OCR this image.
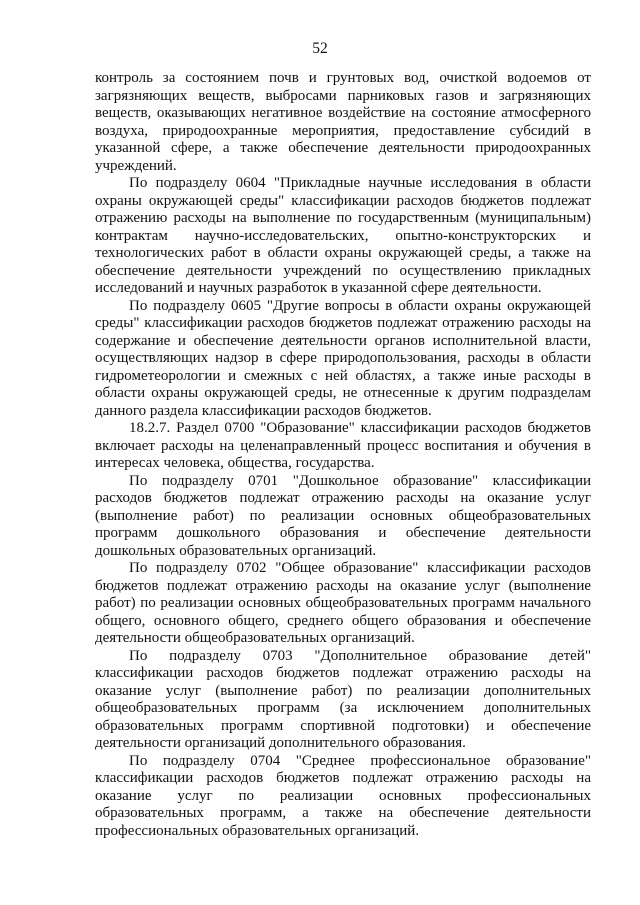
52

контроль за состоянием почв и грунтовых вод, очисткой водоемов от загрязняющих веществ, выбросами парниковых газов и загрязняющих веществ, оказывающих негативное воздействие на состояние атмосферного воздуха, природоохранные мероприятия, предоставление субсидий в указанной сфере, а также обеспечение деятельности природоохранных учреждений.

По подразделу 0604 "Прикладные научные исследования в области охраны окружающей среды" классификации расходов бюджетов подлежат отражению расходы на выполнение по государственным (муниципальным) контрактам научно-исследовательских, опытно-конструкторских и технологических работ в области охраны окружающей среды, а также на обеспечение деятельности учреждений по осуществлению прикладных исследований и научных разработок в указанной сфере деятельности.

По подразделу 0605 "Другие вопросы в области охраны окружающей среды" классификации расходов бюджетов подлежат отражению расходы на содержание и обеспечение деятельности органов исполнительной власти, осуществляющих надзор в сфере природопользования, расходы в области гидрометеорологии и смежных с ней областях, а также иные расходы в области охраны окружающей среды, не отнесенные к другим подразделам данного раздела классификации расходов бюджетов.

18.2.7. Раздел 0700 "Образование" классификации расходов бюджетов включает расходы на целенаправленный процесс воспитания и обучения в интересах человека, общества, государства.

По подразделу 0701 "Дошкольное образование" классификации расходов бюджетов подлежат отражению расходы на оказание услуг (выполнение работ) по реализации основных общеобразовательных программ дошкольного образования и обеспечение деятельности дошкольных образовательных организаций.

По подразделу 0702 "Общее образование" классификации расходов бюджетов подлежат отражению расходы на оказание услуг (выполнение работ) по реализации основных общеобразовательных программ начального общего, основного общего, среднего общего образования и обеспечение деятельности общеобразовательных организаций.

По подразделу 0703 "Дополнительное образование детей" классификации расходов бюджетов подлежат отражению расходы на оказание услуг (выполнение работ) по реализации дополнительных общеобразовательных программ (за исключением дополнительных образовательных программ спортивной подготовки) и обеспечение деятельности организаций дополнительного образования.

По подразделу 0704 "Среднее профессиональное образование" классификации расходов бюджетов подлежат отражению расходы на оказание услуг по реализации основных профессиональных образовательных программ, а также на обеспечение деятельности профессиональных образовательных организаций.
